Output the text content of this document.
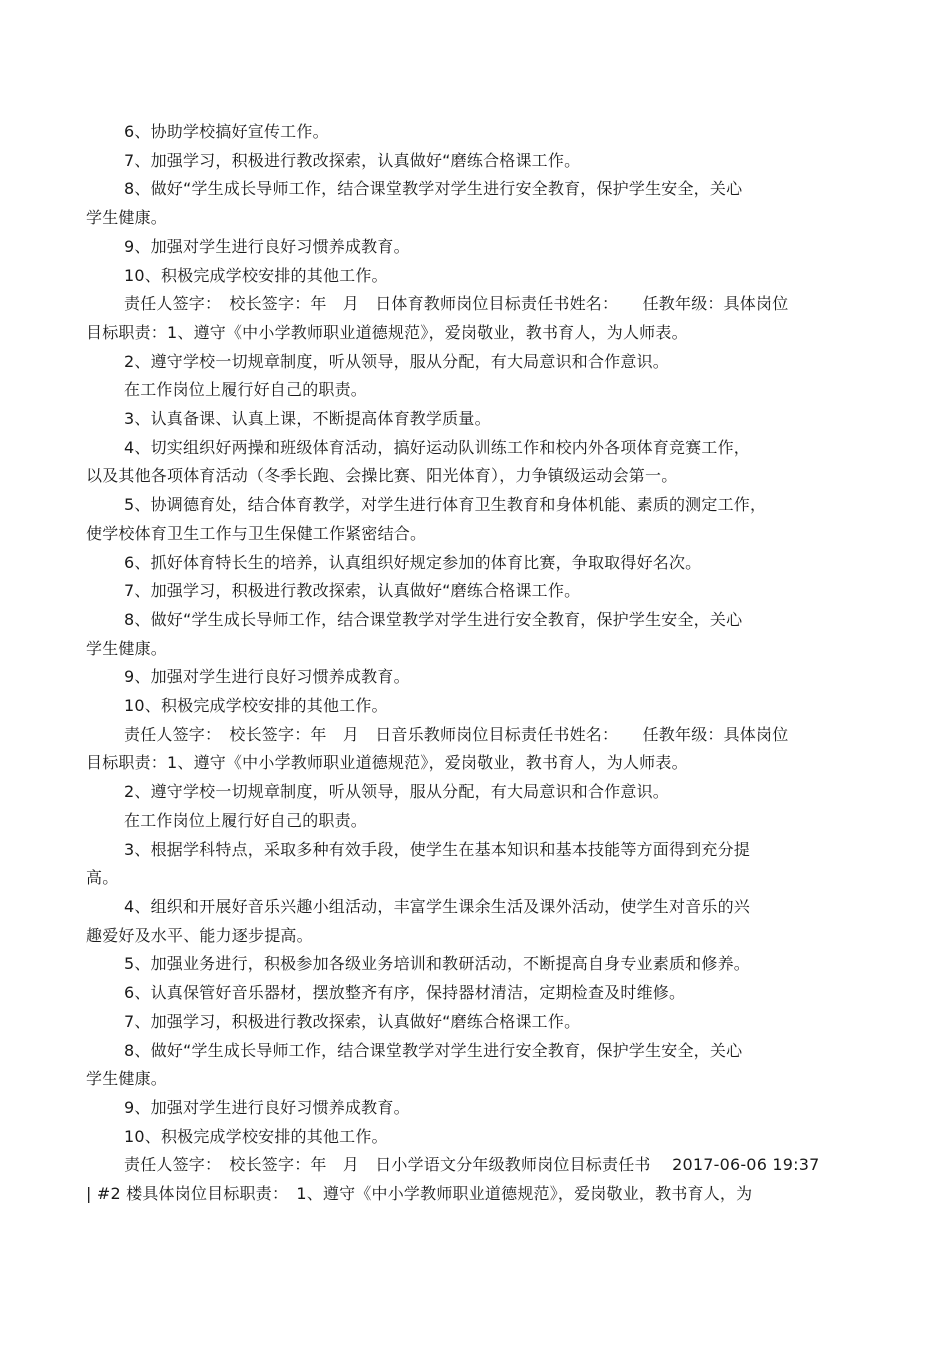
6、协助学校搞好宣传工作。

7、加强学习，积极进行教改探索，认真做好“磨练合格课工作。

8、做好“学生成长导师工作，结合课堂教学对学生进行安全教育，保护学生安全，关心

学生健康。

9、加强对学生进行良好习惯养成教育。

10、积极完成学校安排的其他工作。

责任人签字：　校长签字：年　月　日体育教师岗位目标责任书姓名：　　任教年级：具体岗位

目标职责：1、遵守《中小学教师职业道德规范》，爱岗敬业，教书育人，为人师表。

2、遵守学校一切规章制度，听从领导，服从分配，有大局意识和合作意识。

在工作岗位上履行好自己的职责。

3、认真备课、认真上课，不断提高体育教学质量。

4、切实组织好两操和班级体育活动，搞好运动队训练工作和校内外各项体育竞赛工作，

以及其他各项体育活动（冬季长跑、会操比赛、阳光体育），力争镇级运动会第一。

5、协调德育处，结合体育教学，对学生进行体育卫生教育和身体机能、素质的测定工作，

使学校体育卫生工作与卫生保健工作紧密结合。

6、抓好体育特长生的培养，认真组织好规定参加的体育比赛，争取取得好名次。

7、加强学习，积极进行教改探索，认真做好“磨练合格课工作。

8、做好“学生成长导师工作，结合课堂教学对学生进行安全教育，保护学生安全，关心

学生健康。

9、加强对学生进行良好习惯养成教育。

10、积极完成学校安排的其他工作。

责任人签字：　校长签字：年　月　日音乐教师岗位目标责任书姓名：　　任教年级：具体岗位

目标职责：1、遵守《中小学教师职业道德规范》，爱岗敬业，教书育人，为人师表。

2、遵守学校一切规章制度，听从领导，服从分配，有大局意识和合作意识。

在工作岗位上履行好自己的职责。

3、根据学科特点，采取多种有效手段，使学生在基本知识和基本技能等方面得到充分提

高。

4、组织和开展好音乐兴趣小组活动，丰富学生课余生活及课外活动，使学生对音乐的兴

趣爱好及水平、能力逐步提高。

5、加强业务进行，积极参加各级业务培训和教研活动，不断提高自身专业素质和修养。

6、认真保管好音乐器材，摆放整齐有序，保持器材清洁，定期检查及时维修。

7、加强学习，积极进行教改探索，认真做好“磨练合格课工作。

8、做好“学生成长导师工作，结合课堂教学对学生进行安全教育，保护学生安全，关心

学生健康。

9、加强对学生进行良好习惯养成教育。

10、积极完成学校安排的其他工作。

责任人签字：　校长签字：年　月　日小学语文分年级教师岗位目标责任书　 2017-06-06 19:37

| #2 楼具体岗位目标职责：　1、遵守《中小学教师职业道德规范》，爱岗敬业，教书育人，为
